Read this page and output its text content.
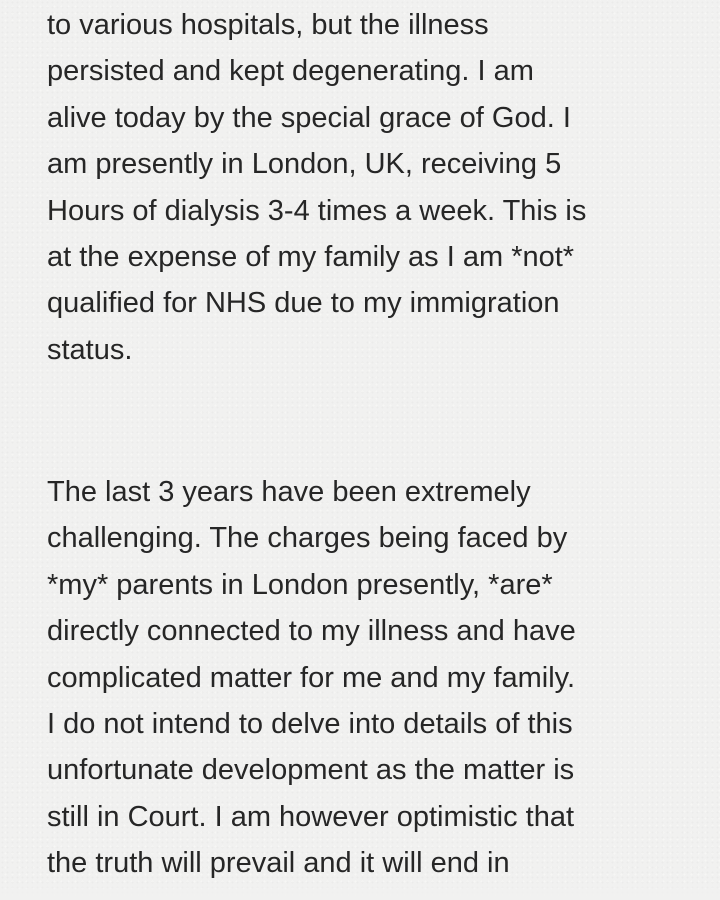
to various hospitals, but the illness
persisted and kept degenerating. I am
alive today by the special grace of God. I
am presently in London, UK, receiving 5
Hours of dialysis 3-4 times a week. This is
at the expense of my family as I am *not*
qualified for NHS due to my immigration
status.
The last 3 years have been extremely
challenging. The charges being faced by
*my* parents in London presently, *are*
directly connected to my illness and have
complicated matter for me and my family.
I do not intend to delve into details of this
unfortunate development as the matter is
still in Court. I am however optimistic that
the truth will prevail and it will end in
